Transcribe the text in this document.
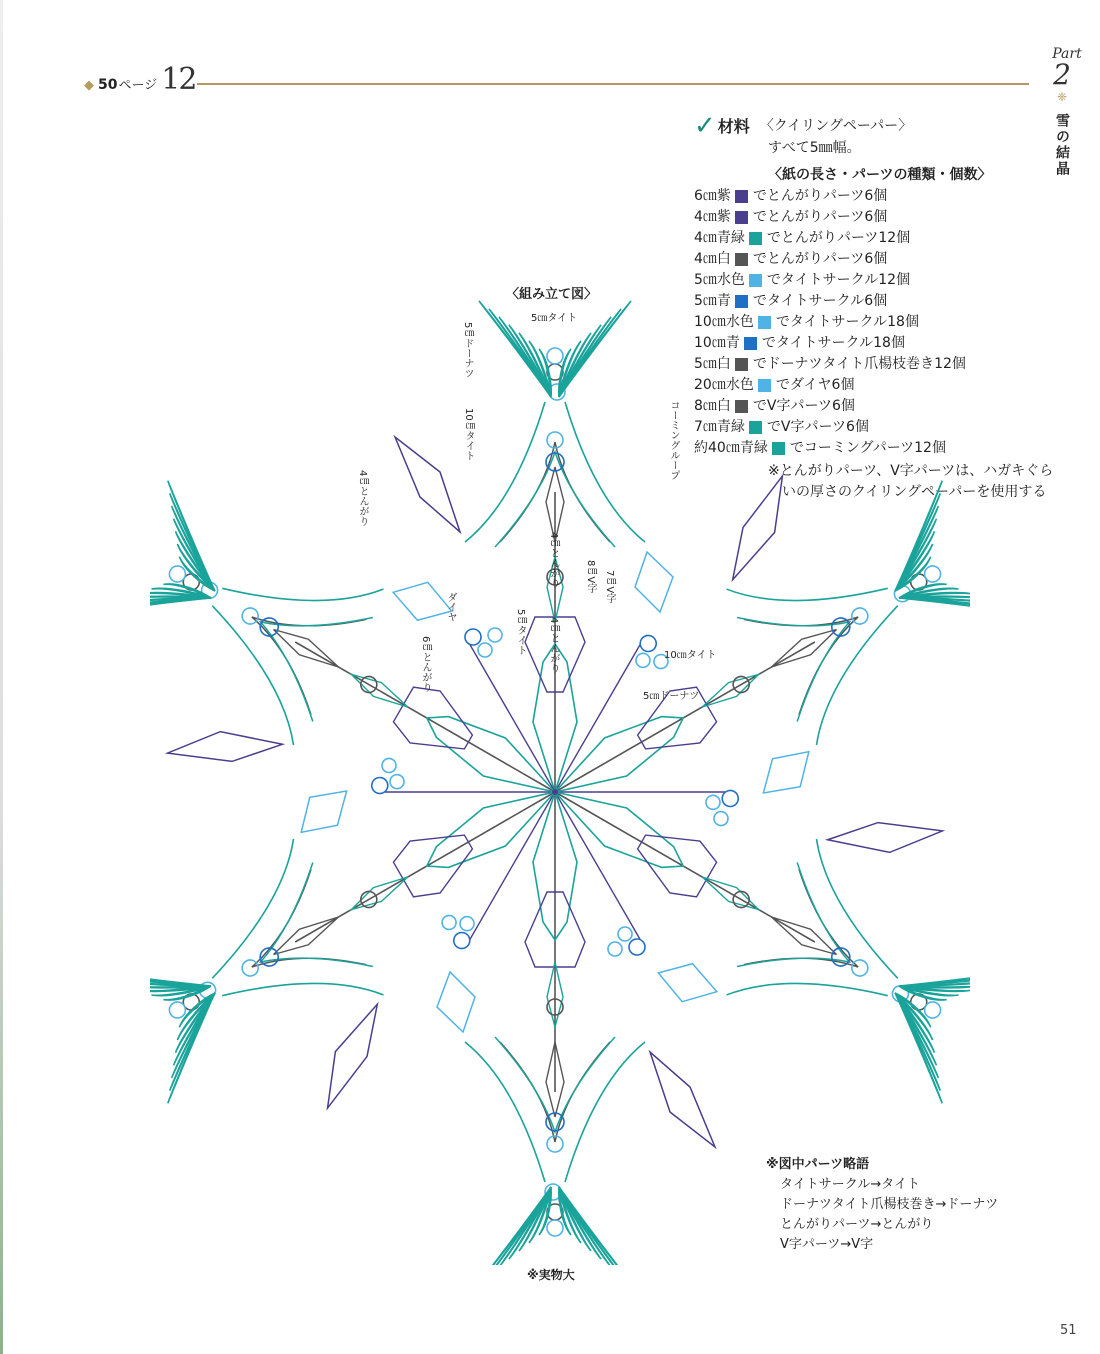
◆ 50 ページ 12
Part
2
❈
雪の結晶
✓ 材料 〈クイリングペーパー〉
すべて5㎜幅。
〈紙の長さ・パーツの種類・個数〉
6㎝紫 でとんがりパーツ6個
4㎝紫 でとんがりパーツ6個
4㎝青緑 でとんがりパーツ12個
4㎝白 でとんがりパーツ6個
5㎝水色 でタイトサークル12個
5㎝青 でタイトサークル6個
10㎝水色 でタイトサークル18個
10㎝青 でタイトサークル18個
5㎝白 でドーナツタイト爪楊枝巻き12個
20㎝水色 でダイヤ6個
8㎝白 でV字パーツ6個
7㎝青緑 でV字パーツ6個
約40㎝青緑 でコーミングパーツ12個
※とんがりパーツ、V字パーツは、ハガキぐらいの厚さのクイリングペーパーを使用する
〈組み立て図〉
5㎝タイト
5㎝ドーナツ
10㎝タイト	コーミングループ
4㎝とんがり
4㎝とんがり	8㎝V字 7㎝V字
ダイヤ
5㎝タイト 4㎝とんがり
6㎝とんがり	10㎝タイト
5㎝ドーナツ
※図中パーツ略語
タイトサークル→タイト
ドーナツタイト爪楊枝巻き→ドーナツ
とんがりパーツ→とんがり
V字パーツ→V字
※実物大
51
